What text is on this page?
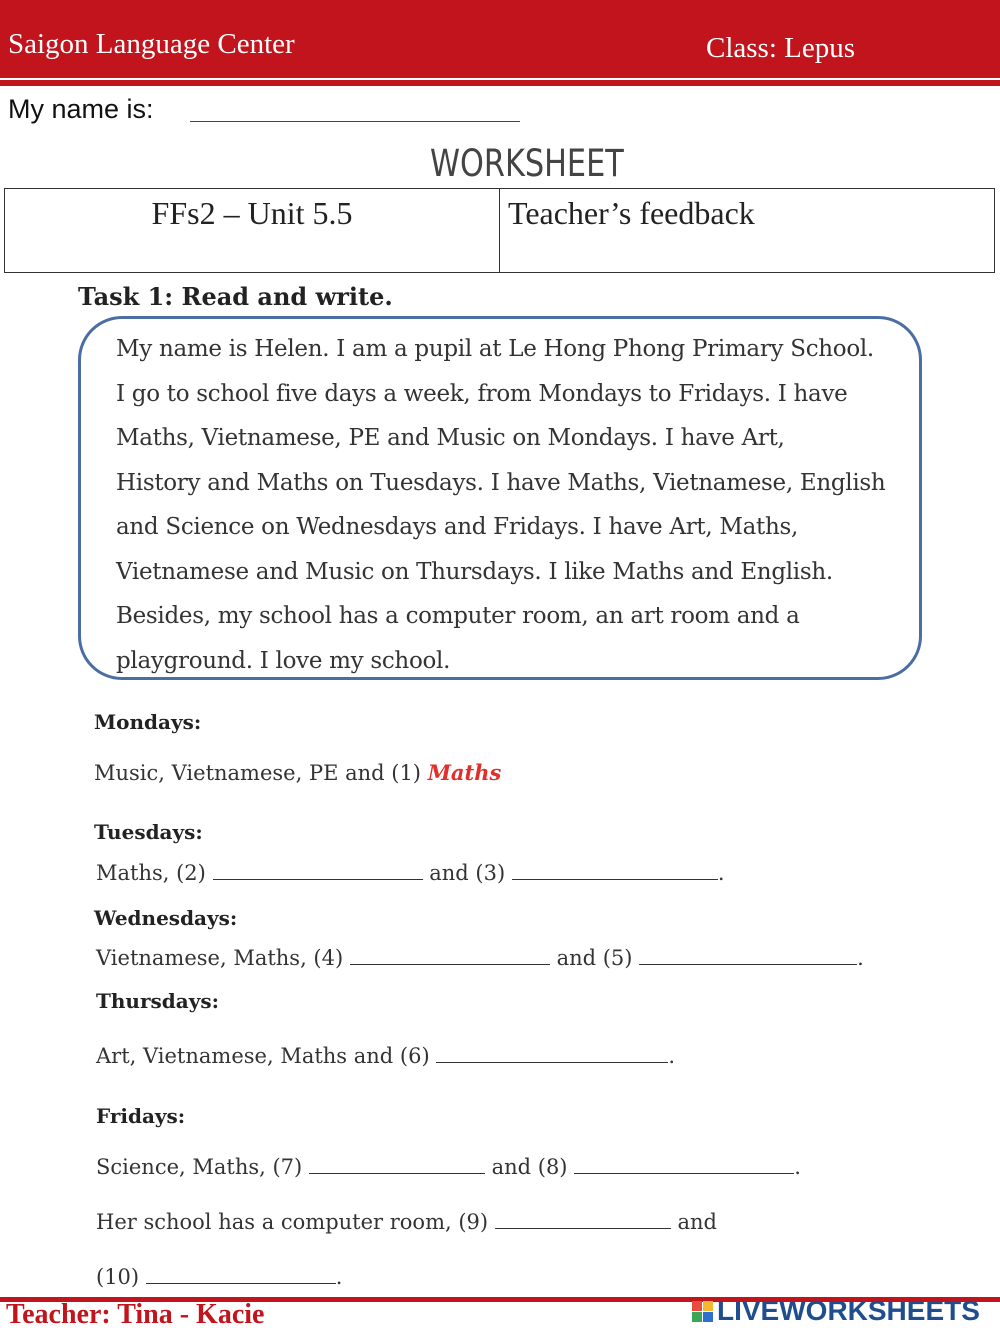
Saigon Language Center	Class: Lepus
My name is:
WORKSHEET
FFs2 – Unit 5.5	Teacher’s feedback
Task 1: Read and write.
My name is Helen. I am a pupil at Le Hong Phong Primary School.
I go to school five days a week, from Mondays to Fridays. I have
Maths, Vietnamese, PE and Music on Mondays. I have Art,
History and Maths on Tuesdays. I have Maths, Vietnamese, English
and Science on Wednesdays and Fridays. I have Art, Maths,
Vietnamese and Music on Thursdays. I like Maths and English.
Besides, my school has a computer room, an art room and a
playground. I love my school.
Mondays:
Music, Vietnamese, PE and (1) Maths
Tuesdays:
Maths, (2)	and (3)	.
Wednesdays:
Vietnamese, Maths, (4)	and (5)	.
Thursdays:
Art, Vietnamese, Maths and (6)	.
Fridays:
Science, Maths, (7)	and (8)	.
Her school has a computer room, (9)	and
(10)	.
Teacher: Tina - Kacie	LIVEWORKSHEETS
